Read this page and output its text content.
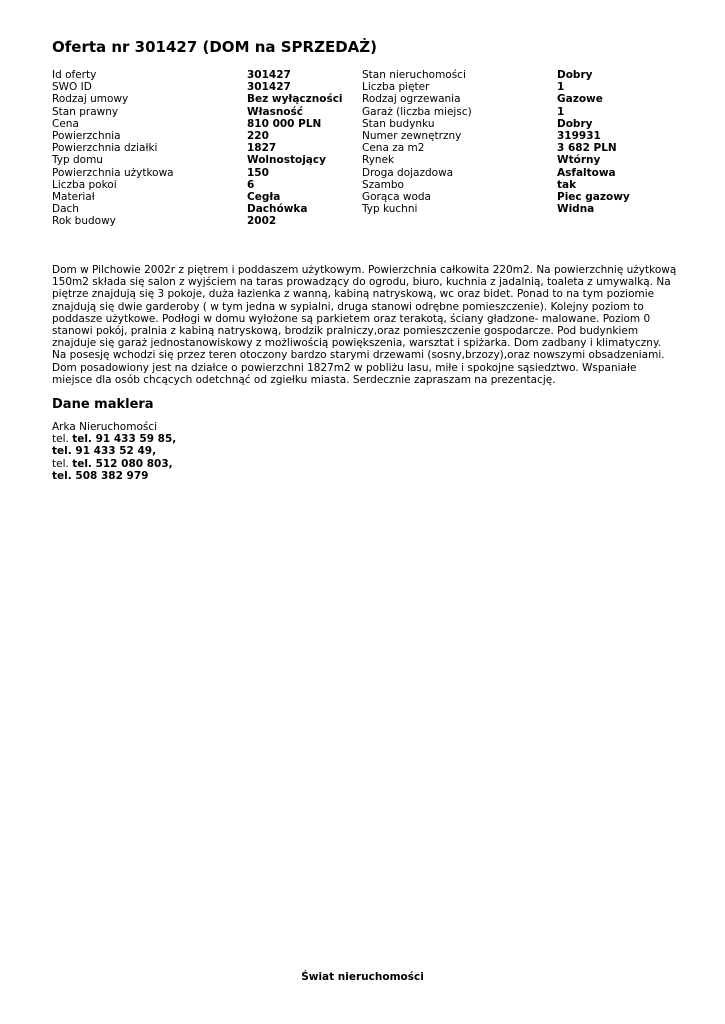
Oferta nr 301427 (DOM na SPRZEDAŻ)
Id oferty	301427
SWO ID	301427
Rodzaj umowy	Bez wyłączności
Stan prawny	Własność
Cena	810 000 PLN
Powierzchnia	220
Powierzchnia działki	1827
Typ domu	Wolnostojący
Powierzchnia użytkowa	150
Liczba pokoi	6
Materiał	Cegła
Dach	Dachówka
Rok budowy	2002
Stan nieruchomości	Dobry
Liczba pięter	1
Rodzaj ogrzewania	Gazowe
Garaż (liczba miejsc)	1
Stan budynku	Dobry
Numer zewnętrzny	319931
Cena za m2	3 682 PLN
Rynek	Wtórny
Droga dojazdowa	Asfaltowa
Szambo	tak
Gorąca woda	Piec gazowy
Typ kuchni	Widna

Dom w Pilchowie 2002r z piętrem i poddaszem użytkowym. Powierzchnia całkowita 220m2. Na powierzchnię użytkową 150m2 składa się salon z wyjściem na taras prowadzący do ogrodu, biuro, kuchnia z jadalnią, toaleta z umywalką. Na piętrze znajdują się 3 pokoje, duża łazienka z wanną, kabiną natryskową, wc oraz bidet. Ponad to na tym poziomie znajdują się dwie garderoby ( w tym jedna w sypialni, druga stanowi odrębne pomieszczenie). Kolejny poziom to poddasze użytkowe. Podłogi w domu wyłożone są parkietem oraz terakotą, ściany gładzone- malowane. Poziom 0 stanowi pokój, pralnia z kabiną natryskową, brodzik pralniczy,oraz pomieszczenie gospodarcze. Pod budynkiem znajduje się garaż jednostanowiskowy z możliwością powiększenia, warsztat i spiżarka. Dom zadbany i klimatyczny. Na posesję wchodzi się przez teren otoczony bardzo starymi drzewami (sosny,brzozy),oraz nowszymi obsadzeniami. Dom posadowiony jest na działce o powierzchni 1827m2 w pobliżu lasu, miłe i spokojne sąsiedztwo. Wspaniałe miejsce dla osób chcących odetchnąć od zgiełku miasta. Serdecznie zapraszam na prezentację.

Dane maklera
Arka Nieruchomości
tel. tel. 91 433 59 85,
tel. 91 433 52 49,
tel. tel. 512 080 803,
tel. 508 382 979
Świat nieruchomości
